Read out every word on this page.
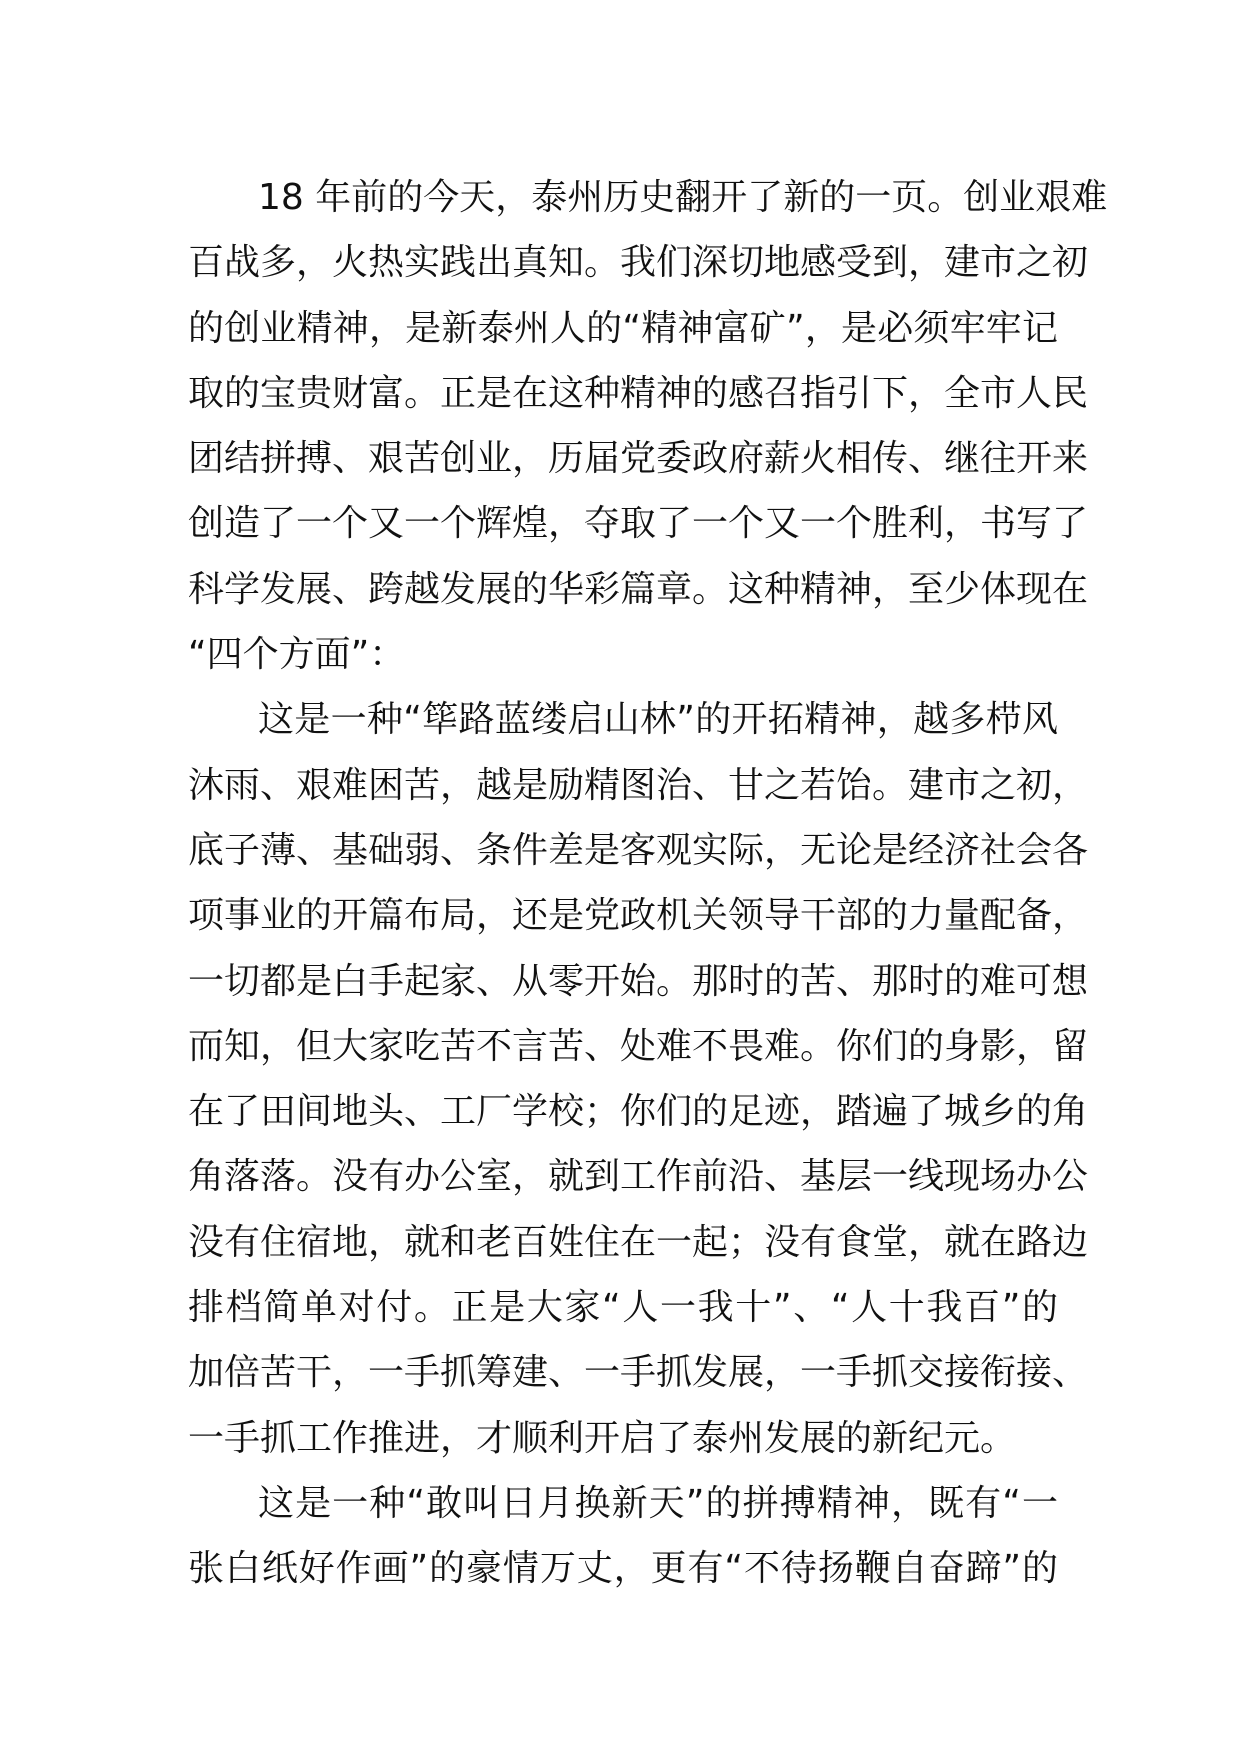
18 年前的今天，泰州历史翻开了新的一页。创业艰难
百战多，火热实践出真知。我们深切地感受到，建市之初
的创业精神，是新泰州人的“精神富矿”，是必须牢牢记
取的宝贵财富。正是在这种精神的感召指引下，全市人民
团结拼搏、艰苦创业，历届党委政府薪火相传、继往开来
创造了一个又一个辉煌，夺取了一个又一个胜利，书写了
科学发展、跨越发展的华彩篇章。这种精神，至少体现在
“四个方面”：
这是一种“筚路蓝缕启山林”的开拓精神，越多栉风
沐雨、艰难困苦，越是励精图治、甘之若饴。建市之初，
底子薄、基础弱、条件差是客观实际，无论是经济社会各
项事业的开篇布局，还是党政机关领导干部的力量配备，
一切都是白手起家、从零开始。那时的苦、那时的难可想
而知，但大家吃苦不言苦、处难不畏难。你们的身影，留
在了田间地头、工厂学校；你们的足迹，踏遍了城乡的角
角落落。没有办公室，就到工作前沿、基层一线现场办公
没有住宿地，就和老百姓住在一起；没有食堂，就在路边
排档简单对付。正是大家“人一我十”、“人十我百”的
加倍苦干，一手抓筹建、一手抓发展，一手抓交接衔接、
一手抓工作推进，才顺利开启了泰州发展的新纪元。
这是一种“敢叫日月换新天”的拼搏精神，既有“一
张白纸好作画”的豪情万丈，更有“不待扬鞭自奋蹄”的
